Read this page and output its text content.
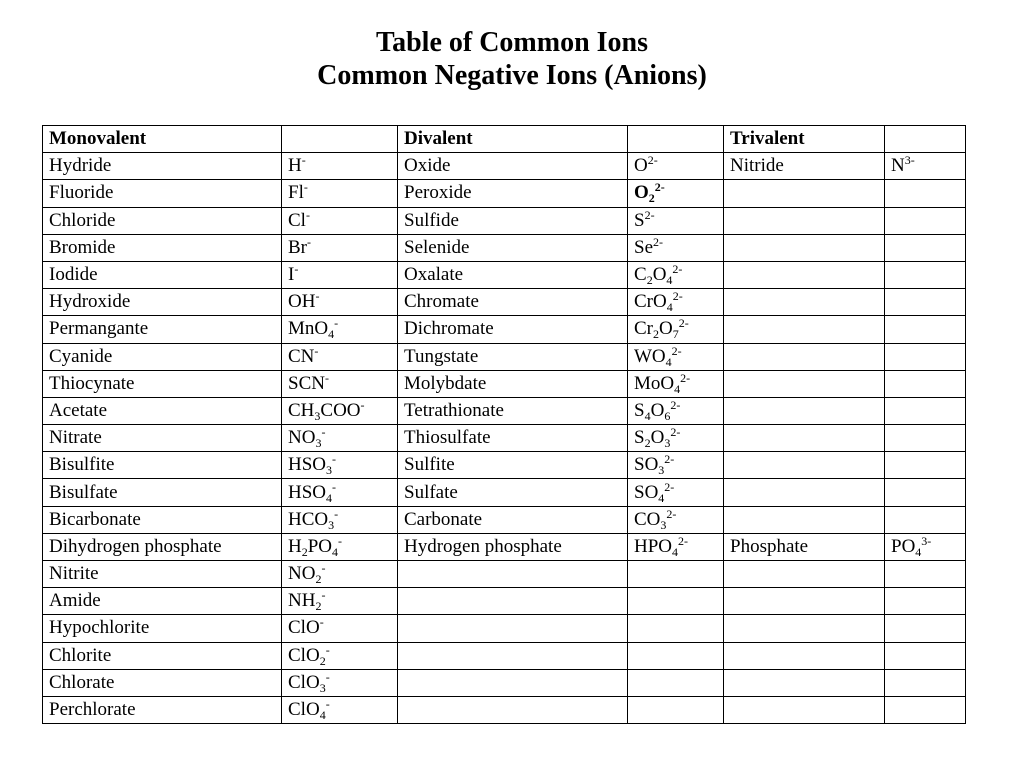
Table of Common Ions
Common Negative Ions (Anions)
Monovalent		Divalent		Trivalent	
Hydride	H-	Oxide	$O^{2-}$	Nitride	$N^{3-}$
Fluoride	Fl-	Peroxide	$O_2^{2-}$		
Chloride	Cl-	Sulfide	$S^{2-}$		
Bromide	Br-	Selenide	$Se^{2-}$		
Iodide	I-	Oxalate	$C_2O_4^{2-}$		
Hydroxide	OH-	Chromate	CrO$_4^{2-}$		
Permangante	MnO$_4$-	Dichromate	$Cr_2O_7^{2-}$		
Cyanide	CN-	Tungstate	$WO_4^{2-}$		
Thiocynate	SCN-	Molybdate	MoO$_4^{2-}$		
Acetate	$CH_3COO^-$	Tetrathionate	$S_4O_6^{2-}$		
Nitrate	$NO_3^-$	Thiosulfate	$S_2O_3^{2-}$		
Bisulfite	$HSO_3^-$	Sulfite	$SO_3^{2-}$		
Bisulfate	$HSO_4^-$	Sulfate	$SO_4^{2-}$		
Bicarbonate	$HCO_3^-$	Carbonate	$CO_3^{2-}$		
Dihydrogen phosphate	$H_2PO_4^-$	Hydrogen phosphate	$HPO_4^{2-}$	Phosphate	$PO_4^{3-}$
Nitrite	$NO_2^-$				
Amide	$NH_2^-$				
Hypochlorite	ClO-				
Chlorite	ClO$_2$-				
Chlorate	ClO$_3$-				
Perchlorate	ClO$_4$-				
